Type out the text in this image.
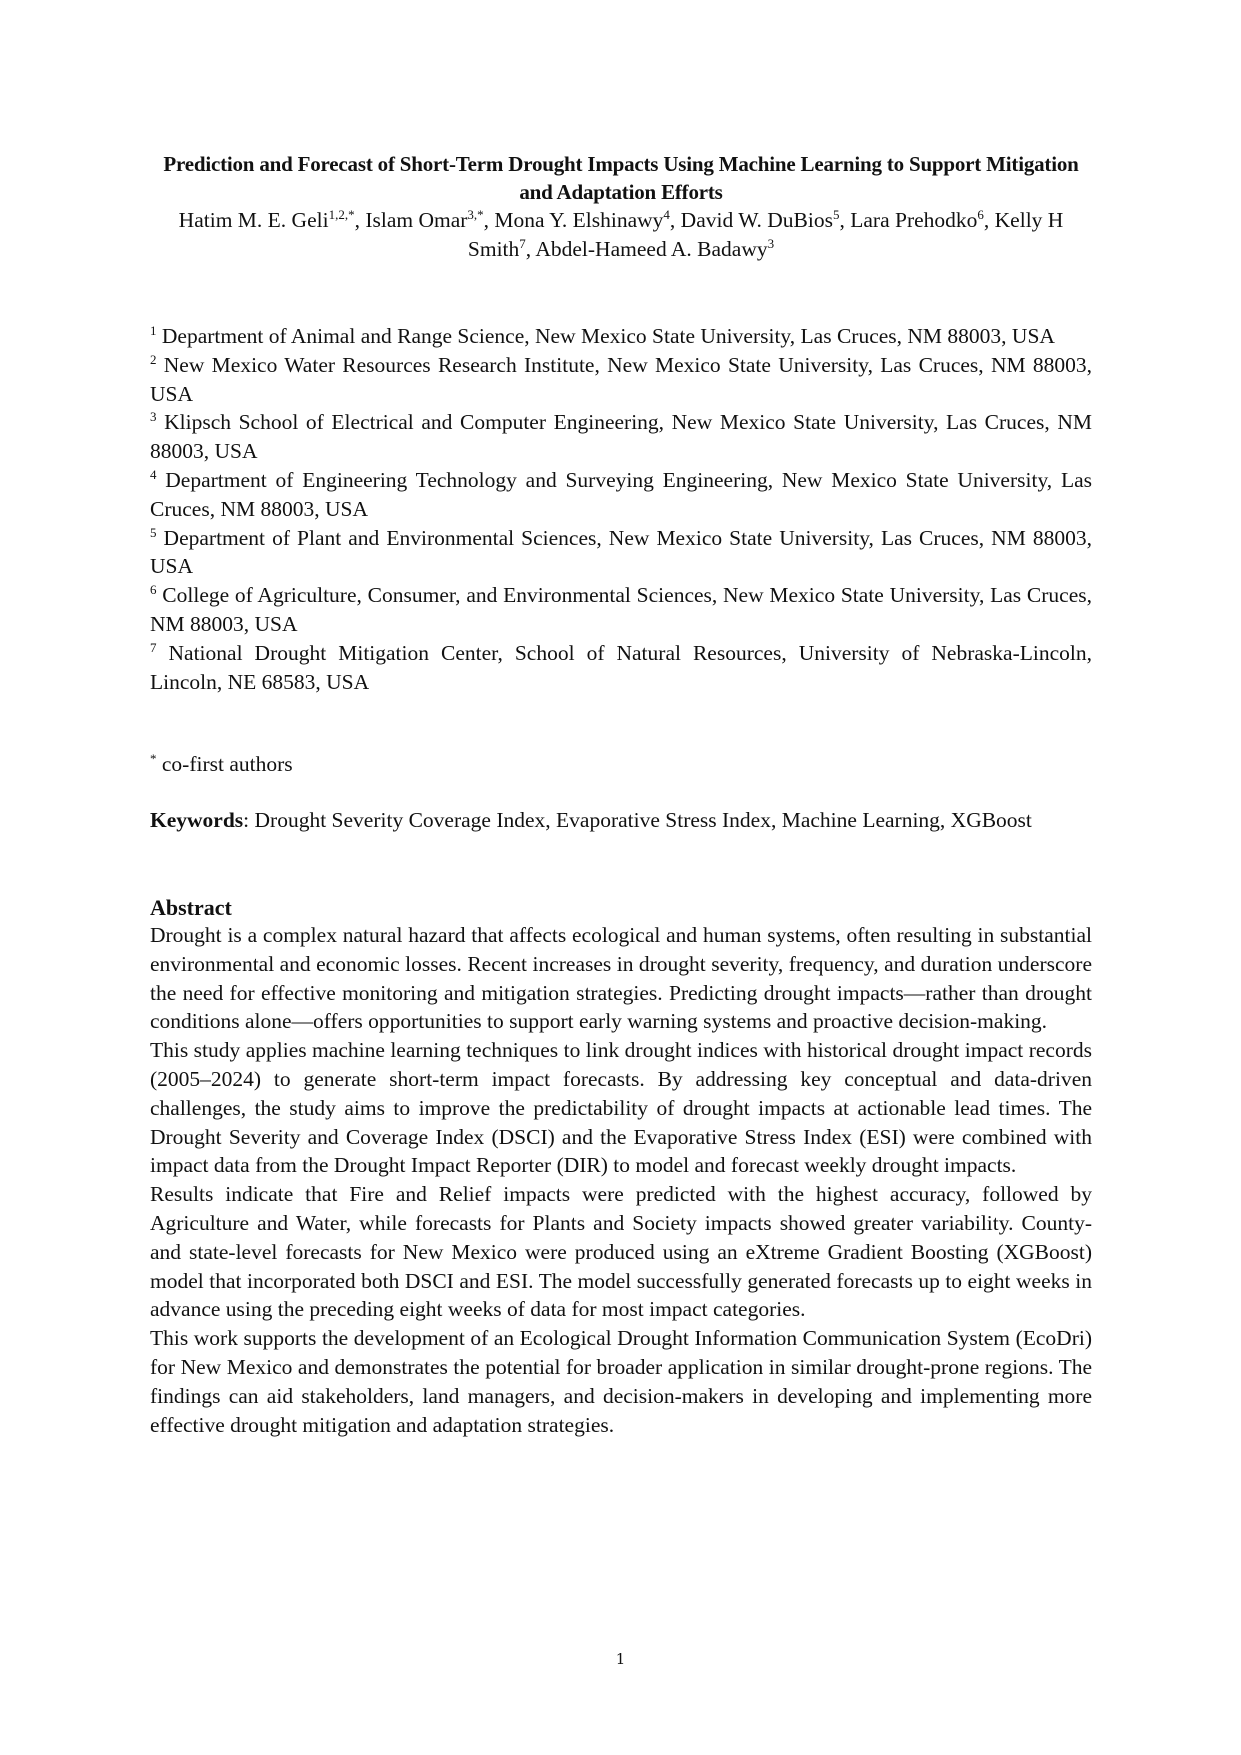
Prediction and Forecast of Short-Term Drought Impacts Using Machine Learning to Support Mitigation and Adaptation Efforts
Hatim M. E. Geli$^{1,2,*}$, Islam Omar$^{3,*}$, Mona Y. Elshinawy$^4$, David W. DuBios$^5$, Lara Prehodko$^6$, Kelly H Smith$^7$, Abdel-Hameed A. Badawy$^3$
$^1$ Department of Animal and Range Science, New Mexico State University, Las Cruces, NM 88003, USA
$^2$ New Mexico Water Resources Research Institute, New Mexico State University, Las Cruces, NM 88003, USA
$^3$ Klipsch School of Electrical and Computer Engineering, New Mexico State University, Las Cruces, NM 88003, USA
$^4$ Department of Engineering Technology and Surveying Engineering, New Mexico State University, Las Cruces, NM 88003, USA
$^5$ Department of Plant and Environmental Sciences, New Mexico State University, Las Cruces, NM 88003, USA
$^6$ College of Agriculture, Consumer, and Environmental Sciences, New Mexico State University, Las Cruces, NM 88003, USA
$^7$ National Drought Mitigation Center, School of Natural Resources, University of Nebraska-Lincoln, Lincoln, NE 68583, USA
* co-first authors
Keywords: Drought Severity Coverage Index, Evaporative Stress Index, Machine Learning, XGBoost
Abstract

Drought is a complex natural hazard that affects ecological and human systems, often resulting in substantial environmental and economic losses. Recent increases in drought severity, frequency, and duration underscore the need for effective monitoring and mitigation strategies. Predicting drought impacts—rather than drought conditions alone—offers opportunities to support early warning systems and proactive decision-making.

This study applies machine learning techniques to link drought indices with historical drought impact records (2005–2024) to generate short-term impact forecasts. By addressing key conceptual and data-driven challenges, the study aims to improve the predictability of drought impacts at actionable lead times. The Drought Severity and Coverage Index (DSCI) and the Evaporative Stress Index (ESI) were combined with impact data from the Drought Impact Reporter (DIR) to model and forecast weekly drought impacts.

Results indicate that Fire and Relief impacts were predicted with the highest accuracy, followed by Agriculture and Water, while forecasts for Plants and Society impacts showed greater variability. County- and state-level forecasts for New Mexico were produced using an eXtreme Gradient Boosting (XGBoost) model that incorporated both DSCI and ESI. The model successfully generated forecasts up to eight weeks in advance using the preceding eight weeks of data for most impact categories.

This work supports the development of an Ecological Drought Information Communication System (EcoDri) for New Mexico and demonstrates the potential for broader application in similar drought-prone regions. The findings can aid stakeholders, land managers, and decision-makers in developing and implementing more effective drought mitigation and adaptation strategies.

1
